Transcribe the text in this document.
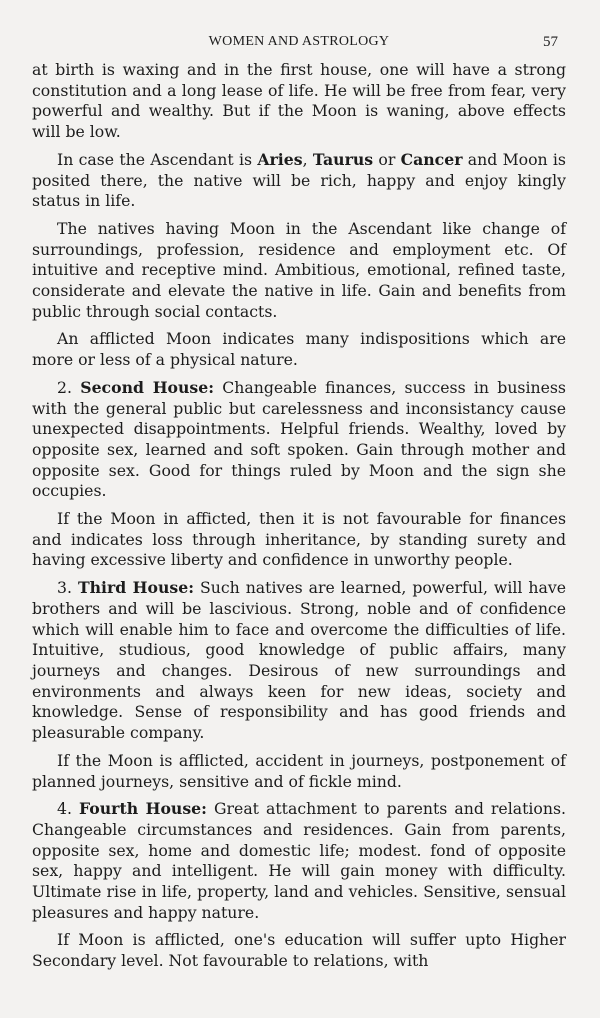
WOMEN AND ASTROLOGY	57

at birth is waxing and in the first house, one will have a strong constitution and a long lease of life. He will be free from fear, very powerful and wealthy. But if the Moon is waning, above effects will be low.

In case the Ascendant is Aries, Taurus or Cancer and Moon is posited there, the native will be rich, happy and enjoy kingly status in life.

The natives having Moon in the Ascendant like change of surroundings, profession, residence and employment etc. Of intuitive and receptive mind. Ambitious, emotional, refined taste, considerate and elevate the native in life. Gain and benefits from public through social contacts.

An afflicted Moon indicates many indispositions which are more or less of a physical nature.

2. Second House: Changeable finances, success in business with the general public but carelessness and inconsistancy cause unexpected disappointments. Helpful friends. Wealthy, loved by opposite sex, learned and soft spoken. Gain through mother and opposite sex. Good for things ruled by Moon and the sign she occupies.

If the Moon in afficted, then it is not favourable for finances and indicates loss through inheritance, by standing surety and having excessive liberty and confidence in unworthy people.

3. Third House: Such natives are learned, powerful, will have brothers and will be lascivious. Strong, noble and of confidence which will enable him to face and overcome the difficulties of life. Intuitive, studious, good knowledge of public affairs, many journeys and changes. Desirous of new surroundings and environments and always keen for new ideas, society and knowledge. Sense of responsibility and has good friends and pleasurable company.

If the Moon is afflicted, accident in journeys, postponement of planned journeys, sensitive and of fickle mind.

4. Fourth House: Great attachment to parents and relations. Changeable circumstances and residences. Gain from parents, opposite sex, home and domestic life; modest. fond of opposite sex, happy and intelligent. He will gain money with difficulty. Ultimate rise in life, property, land and vehicles. Sensitive, sensual pleasures and happy nature.

If Moon is afflicted, one's education will suffer upto Higher Secondary level. Not favourable to relations, with
